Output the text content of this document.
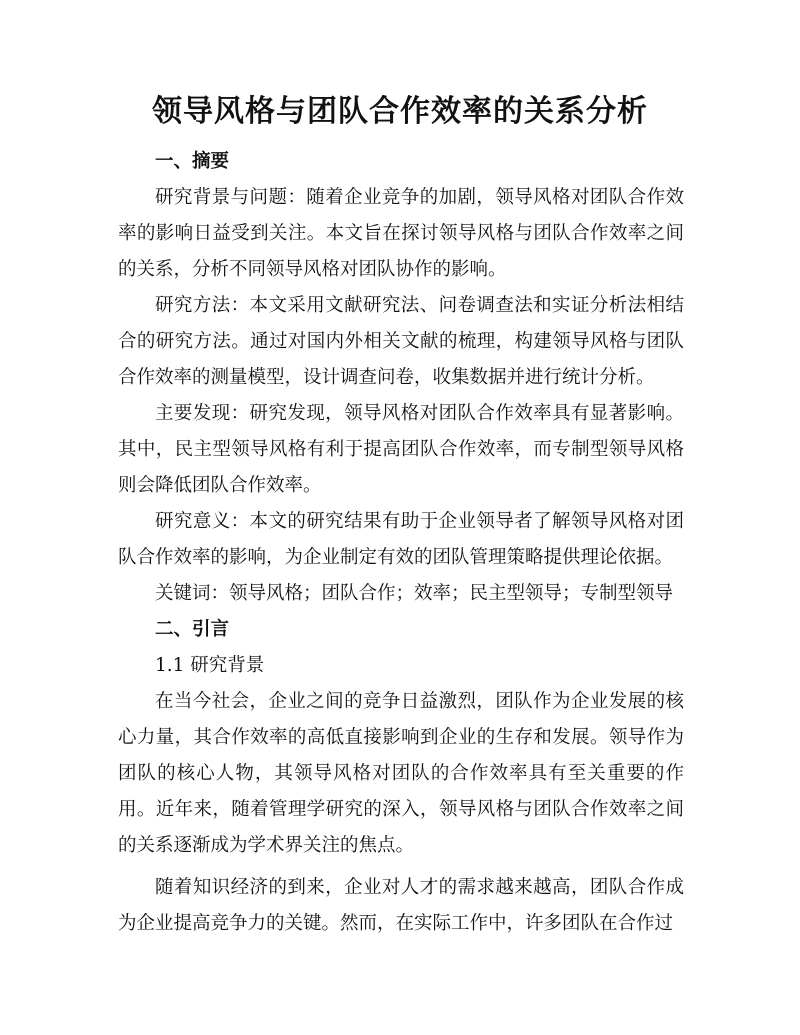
领导风格与团队合作效率的关系分析
一、摘要

研究背景与问题：随着企业竞争的加剧，领导风格对团队合作效率的影响日益受到关注。本文旨在探讨领导风格与团队合作效率之间的关系，分析不同领导风格对团队协作的影响。

研究方法：本文采用文献研究法、问卷调查法和实证分析法相结合的研究方法。通过对国内外相关文献的梳理，构建领导风格与团队合作效率的测量模型，设计调查问卷，收集数据并进行统计分析。

主要发现：研究发现，领导风格对团队合作效率具有显著影响。其中，民主型领导风格有利于提高团队合作效率，而专制型领导风格则会降低团队合作效率。

研究意义：本文的研究结果有助于企业领导者了解领导风格对团队合作效率的影响，为企业制定有效的团队管理策略提供理论依据。

关键词：领导风格；团队合作；效率；民主型领导；专制型领导

二、引言

1.1 研究背景

在当今社会，企业之间的竞争日益激烈，团队作为企业发展的核心力量，其合作效率的高低直接影响到企业的生存和发展。领导作为团队的核心人物，其领导风格对团队的合作效率具有至关重要的作用。近年来，随着管理学研究的深入，领导风格与团队合作效率之间的关系逐渐成为学术界关注的焦点。

随着知识经济的到来，企业对人才的需求越来越高，团队合作成为企业提高竞争力的关键。然而，在实际工作中，许多团队在合作过
